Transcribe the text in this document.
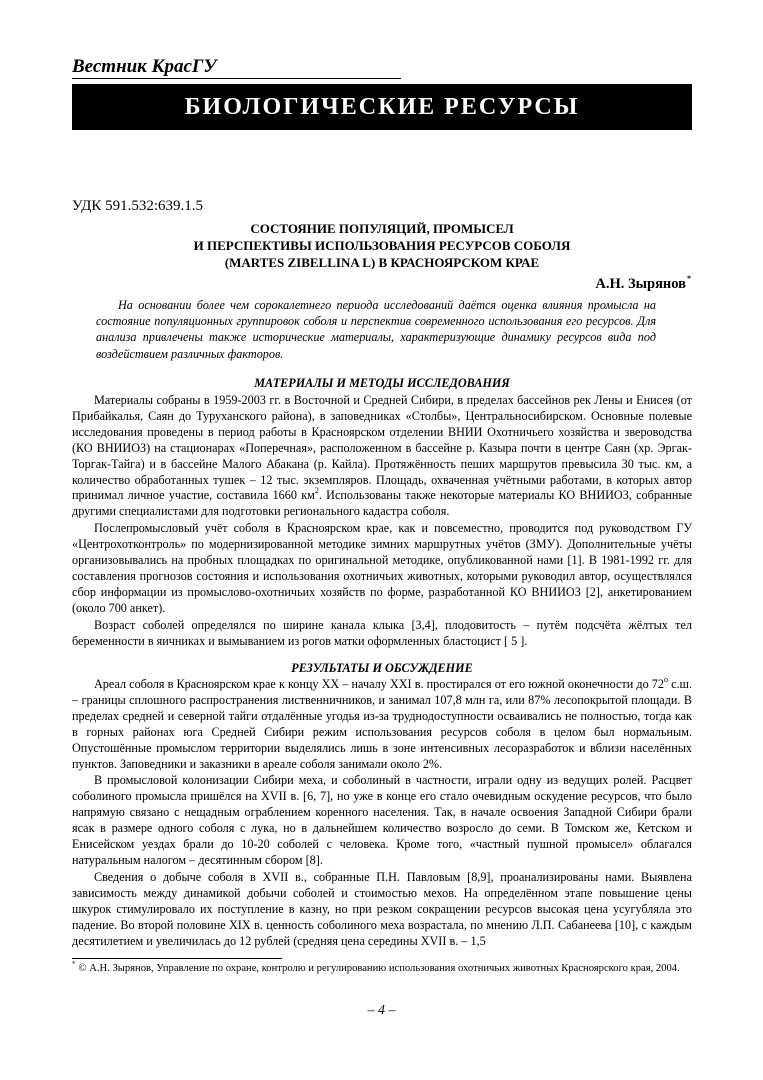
Вестник КрасГУ
БИОЛОГИЧЕСКИЕ РЕСУРСЫ
УДК 591.532:639.1.5
СОСТОЯНИЕ ПОПУЛЯЦИЙ, ПРОМЫСЕЛ
И ПЕРСПЕКТИВЫ ИСПОЛЬЗОВАНИЯ РЕСУРСОВ СОБОЛЯ
(MARTES ZIBELLINA L) В КРАСНОЯРСКОМ КРАЕ
А.Н. Зырянов*
На основании более чем сорокалетнего периода исследований даётся оценка влияния промысла на состояние популяционных группировок соболя и перспектив современного использования его ресурсов. Для анализа привлечены также исторические материалы, характеризующие динамику ресурсов вида под воздействием различных факторов.
МАТЕРИАЛЫ И МЕТОДЫ ИССЛЕДОВАНИЯ

Материалы собраны в 1959-2003 гг. в Восточной и Средней Сибири, в пределах бассейнов рек Лены и Енисея (от Прибайкалья, Саян до Туруханского района), в заповедниках «Столбы», Центральносибирском. Основные полевые исследования проведены в период работы в Красноярском отделении ВНИИ Охотничьего хозяйства и звероводства (КО ВНИИОЗ) на стационарах «Поперечная», расположенном в бассейне р. Казыра почти в центре Саян (хр. Эргак-Торгак-Тайга) и в бассейне Малого Абакана (р. Кайла). Протяжённость пеших маршрутов превысила 30 тыс. км, а количество обработанных тушек – 12 тыс. экземпляров. Площадь, охваченная учётными работами, в которых автор принимал личное участие, составила 1660 $км^2$. Использованы также некоторые материалы КО ВНИИОЗ, собранные другими специалистами для подготовки регионального кадастра соболя.

Послепромысловый учёт соболя в Красноярском крае, как и повсеместно, проводится под руководством ГУ «Центрохотконтроль» по модернизированной методике зимних маршрутных учётов (ЗМУ). Дополнительные учёты организовывались на пробных площадках по оригинальной методике, опубликованной нами [1]. В 1981-1992 гг. для составления прогнозов состояния и использования охотничьих животных, которыми руководил автор, осуществлялся сбор информации из промыслово-охотничьих хозяйств по форме, разработанной КО ВНИИОЗ [2], анкетированием (около 700 анкет).

Возраст соболей определялся по ширине канала клыка [3,4], плодовитость – путём подсчёта жёлтых тел беременности в яичниках и вымыванием из рогов матки оформленных бластоцист [ 5 ].

РЕЗУЛЬТАТЫ И ОБСУЖДЕНИЕ

Ареал соболя в Красноярском крае к концу XX – началу XXI в. простирался от его южной оконечности до $72^о$ с.ш. – границы сплошного распространения лиственничников, и занимал 107,8 млн га, или 87% лесопокрытой площади. В пределах средней и северной тайги отдалённые угодья из-за труднодоступности осваивались не полностью, тогда как в горных районах юга Средней Сибири режим использования ресурсов соболя в целом был нормальным. Опустошённые промыслом территории выделялись лишь в зоне интенсивных лесоразработок и вблизи населённых пунктов. Заповедники и заказники в ареале соболя занимали около 2%.

В промысловой колонизации Сибири меха, и соболиный в частности, играли одну из ведущих ролей. Расцвет соболиного промысла пришёлся на XVII в. [6, 7], но уже в конце его стало очевидным оскудение ресурсов, что было напрямую связано с нещадным ограблением коренного населения. Так, в начале освоения Западной Сибири брали ясак в размере одного соболя с лука, но в дальнейшем количество возросло до семи. В Томском же, Кетском и Енисейском уездах брали до 10-20 соболей с человека. Кроме того, «частный пушной промысел» облагался натуральным налогом – десятинным сбором [8].

Сведения о добыче соболя в XVII в., собранные П.Н. Павловым [8,9], проанализированы нами. Выявлена зависимость между динамикой добычи соболей и стоимостью мехов. На определённом этапе повышение цены шкурок стимулировало их поступление в казну, но при резком сокращении ресурсов высокая цена усугубляла это падение. Во второй половине XIX в. ценность соболиного меха возрастала, по мнению Л.П. Сабанеева [10], с каждым десятилетием и увеличилась до 12 рублей (средняя цена середины XVII в. – 1,5

* © А.Н. Зырянов, Управление по охране, контролю и регулированию использования охотничьих животных Красноярского края, 2004.
– 4 –
